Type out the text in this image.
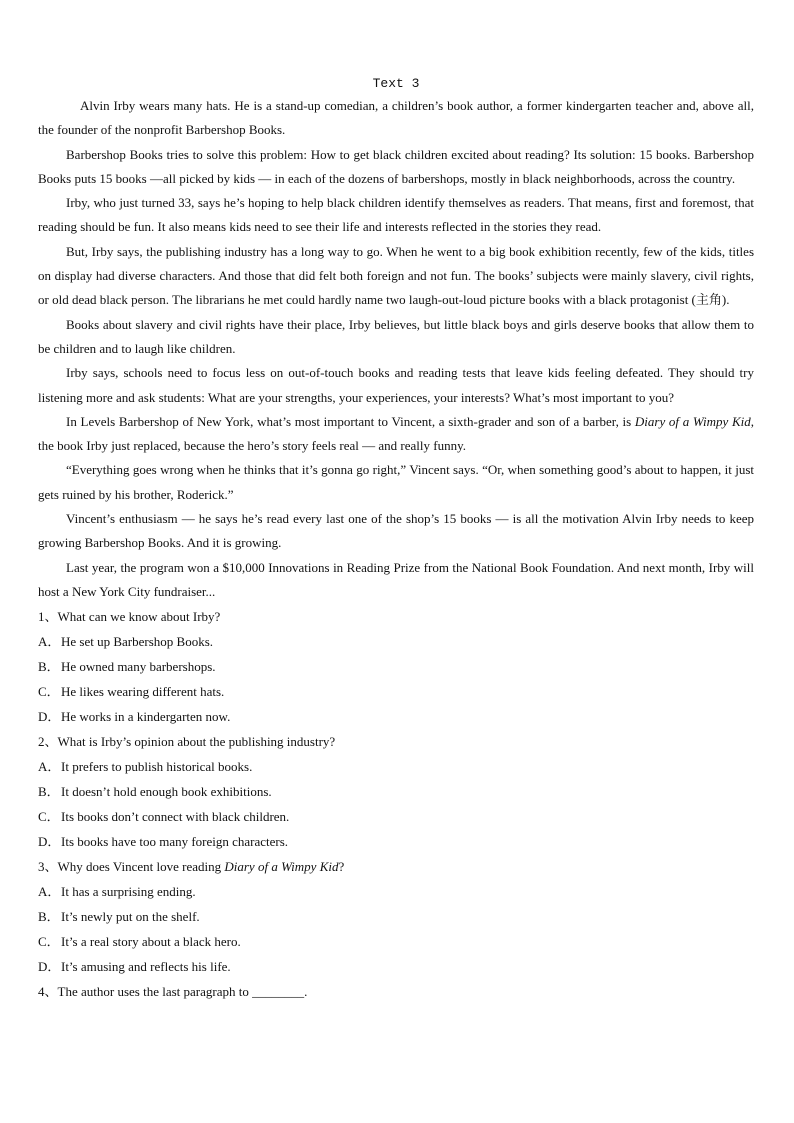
Text 3

Alvin Irby wears many hats. He is a stand-up comedian, a children’s book author, a former kindergarten teacher and, above all, the founder of the nonprofit Barbershop Books.

Barbershop Books tries to solve this problem: How to get black children excited about reading? Its solution: 15 books. Barbershop Books puts 15 books —all picked by kids — in each of the dozens of barbershops, mostly in black neighborhoods, across the country.

Irby, who just turned 33, says he’s hoping to help black children identify themselves as readers. That means, first and foremost, that reading should be fun. It also means kids need to see their life and interests reflected in the stories they read.

But, Irby says, the publishing industry has a long way to go. When he went to a big book exhibition recently, few of the kids, titles on display had diverse characters. And those that did felt both foreign and not fun. The books’ subjects were mainly slavery, civil rights, or old dead black person. The librarians he met could hardly name two laugh-out-loud picture books with a black protagonist (主角).

Books about slavery and civil rights have their place, Irby believes, but little black boys and girls deserve books that allow them to be children and to laugh like children.

Irby says, schools need to focus less on out-of-touch books and reading tests that leave kids feeling defeated. They should try listening more and ask students: What are your strengths, your experiences, your interests? What’s most important to you?

In Levels Barbershop of New York, what’s most important to Vincent, a sixth-grader and son of a barber, is Diary of a Wimpy Kid, the book Irby just replaced, because the hero’s story feels real — and really funny.

“Everything goes wrong when he thinks that it’s gonna go right,” Vincent says. “Or, when something good’s about to happen, it just gets ruined by his brother, Roderick.”

Vincent’s enthusiasm — he says he’s read every last one of the shop’s 15 books — is all the motivation Alvin Irby needs to keep growing Barbershop Books. And it is growing.

Last year, the program won a $10,000 Innovations in Reading Prize from the National Book Foundation. And next month, Irby will host a New York City fundraiser...

1、What can we know about Irby?

A．He set up Barbershop Books.

B．He owned many barbershops.

C．He likes wearing different hats.

D．He works in a kindergarten now.

2、What is Irby’s opinion about the publishing industry?

A．It prefers to publish historical books.

B．It doesn’t hold enough book exhibitions.

C．Its books don’t connect with black children.

D．Its books have too many foreign characters.

3、Why does Vincent love reading Diary of a Wimpy Kid?

A．It has a surprising ending.

B．It’s newly put on the shelf.

C．It’s a real story about a black hero.

D．It’s amusing and reflects his life.

4、The author uses the last paragraph to ________.
